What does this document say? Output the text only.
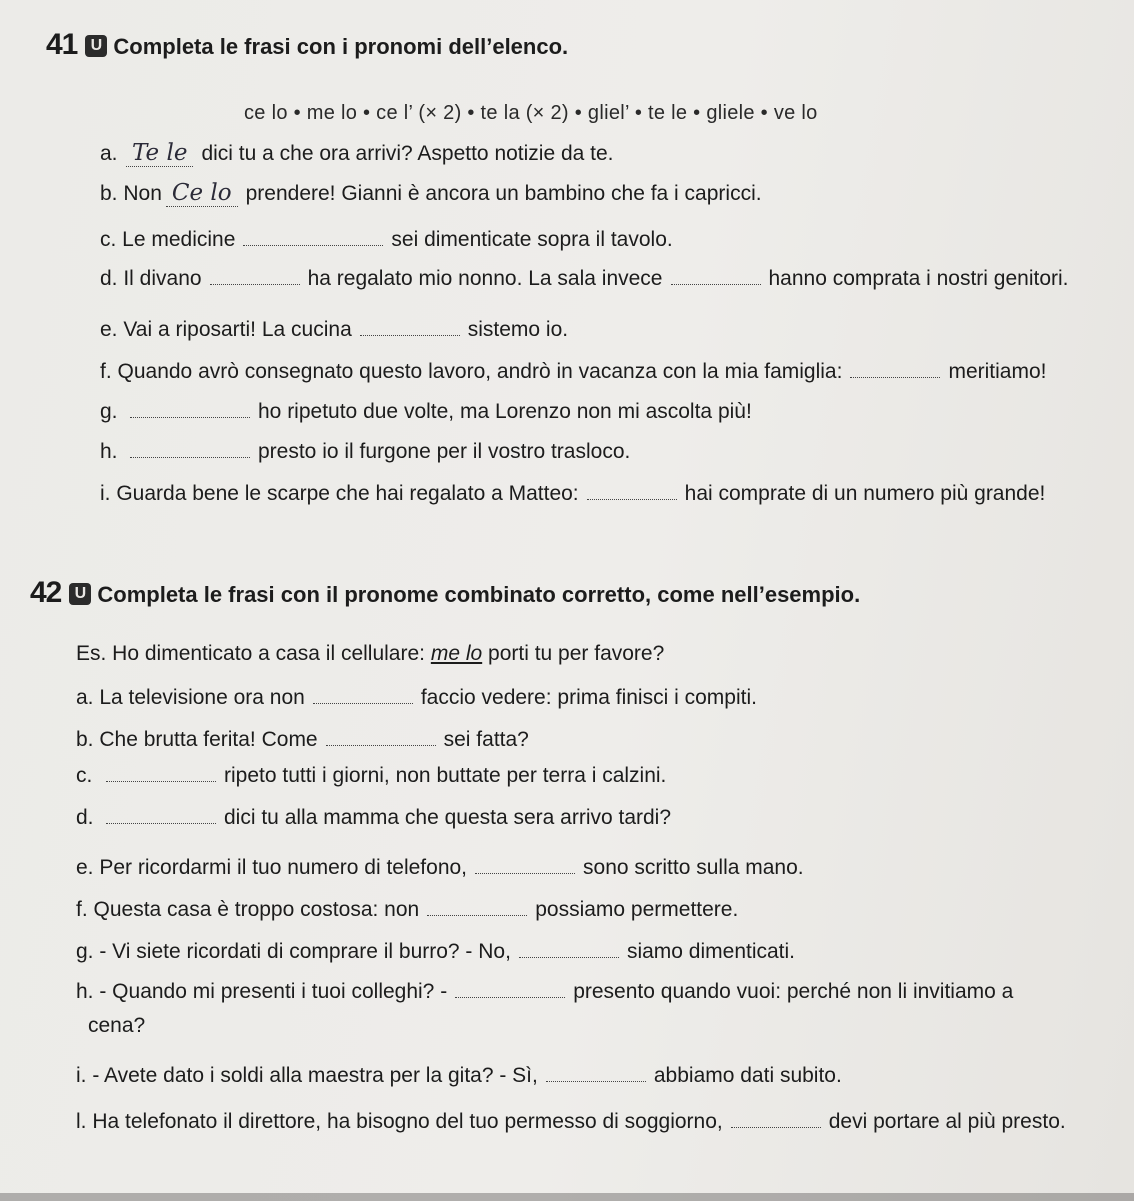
41 U Completa le frasi con i pronomi dell’elenco.
ce lo • me lo • ce l’ (× 2) • te la (× 2) • gliel’ • te le • gliele • ve lo
a. Te le dici tu a che ora arrivi? Aspetto notizie da te.
b. Non Ce lo prendere! Gianni è ancora un bambino che fa i capricci.
c. Le medicine	sei dimenticate sopra il tavolo.
d. Il divano	ha regalato mio nonno. La sala invece	hanno comprata i nostri genitori.
e. Vai a riposarti! La cucina	sistemo io.
f. Quando avrò consegnato questo lavoro, andrò in vacanza con la mia famiglia:	meritiamo!
g.	ho ripetuto due volte, ma Lorenzo non mi ascolta più!
h.	presto io il furgone per il vostro trasloco.
i. Guarda bene le scarpe che hai regalato a Matteo:	hai comprate di un numero più grande!
42 U Completa le frasi con il pronome combinato corretto, come nell’esempio.
Es. Ho dimenticato a casa il cellulare: me lo porti tu per favore?
a. La televisione ora non	faccio vedere: prima finisci i compiti.
b. Che brutta ferita! Come	sei fatta?
c.	ripeto tutti i giorni, non buttate per terra i calzini.
d.	dici tu alla mamma che questa sera arrivo tardi?
e. Per ricordarmi il tuo numero di telefono,	sono scritto sulla mano.
f. Questa casa è troppo costosa: non	possiamo permettere.
g. - Vi siete ricordati di comprare il burro? - No,	siamo dimenticati.
h. - Quando mi presenti i tuoi colleghi? -	presento quando vuoi: perché non li invitiamo a
cena?
i. - Avete dato i soldi alla maestra per la gita? - Sì,	abbiamo dati subito.
l. Ha telefonato il direttore, ha bisogno del tuo permesso di soggiorno,	devi portare al più presto.
